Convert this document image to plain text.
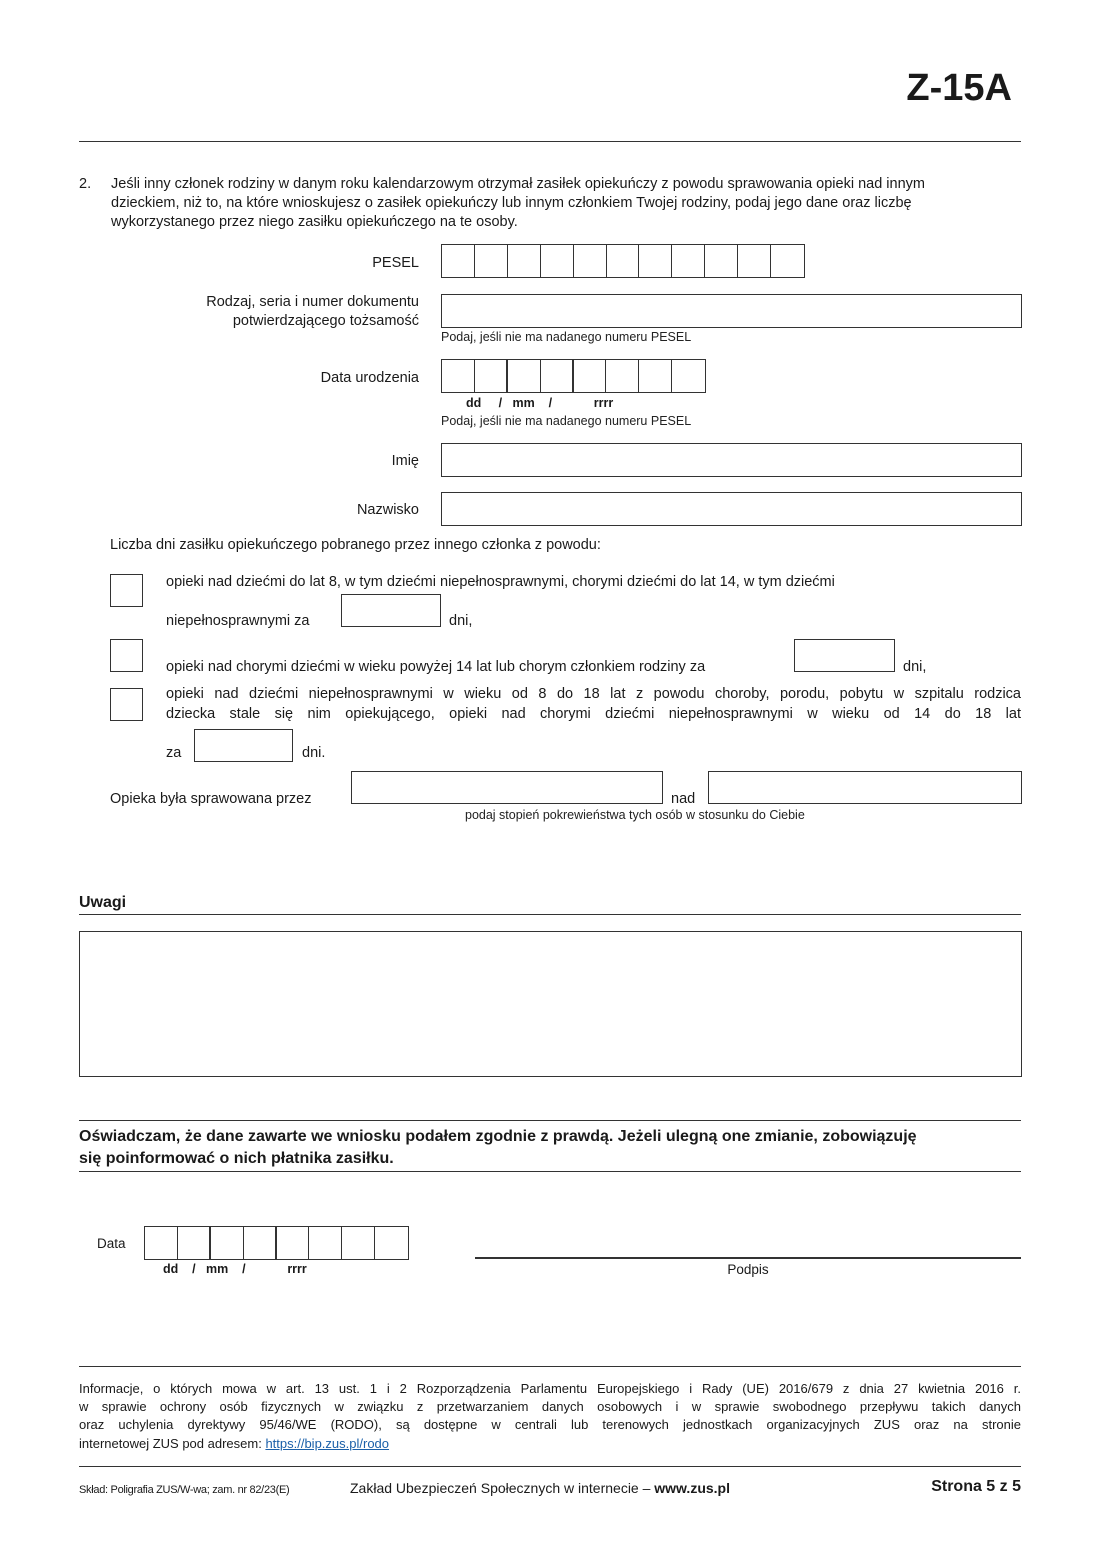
Z-15A
2. Jeśli inny członek rodziny w danym roku kalendarzowym otrzymał zasiłek opiekuńczy z powodu sprawowania opieki nad innym
dzieckiem, niż to, na które wnioskujesz o zasiłek opiekuńczy lub innym członkiem Twojej rodziny, podaj jego dane oraz liczbę
wykorzystanego przez niego zasiłku opiekuńczego na te osoby.
PESEL
Rodzaj, seria i numer dokumentu
potwierdzającego tożsamość
Podaj, jeśli nie ma nadanego numeru PESEL
Data urodzenia
dd     /   mm    /            rrrr
Podaj, jeśli nie ma nadanego numeru PESEL
Imię
Nazwisko
Liczba dni zasiłku opiekuńczego pobranego przez innego członka z powodu:
opieki nad dziećmi do lat 8, w tym dziećmi niepełnosprawnymi, chorymi dziećmi do lat 14, w tym dziećmi
niepełnosprawnymi za	dni,
opieki nad chorymi dziećmi w wieku powyżej 14 lat lub chorym członkiem rodziny za	dni,
opieki nad dziećmi niepełnosprawnymi w wieku od 8 do 18 lat z powodu choroby, porodu, pobytu w szpitalu rodzica
dziecka stale się nim opiekującego, opieki nad chorymi dziećmi niepełnosprawnymi w wieku od 14 do 18 lat
za	dni.
Opieka była sprawowana przez	nad
podaj stopień pokrewieństwa tych osób w stosunku do Ciebie
Uwagi
Oświadczam, że dane zawarte we wniosku podałem zgodnie z prawdą. Jeżeli ulegną one zmianie, zobowiązuję
się poinformować o nich płatnika zasiłku.
Data
dd    /   mm    /            rrrr	Podpis
Informacje, o których mowa w art. 13 ust. 1 i 2 Rozporządzenia Parlamentu Europejskiego i Rady (UE) 2016/679 z dnia 27 kwietnia 2016 r.
w sprawie ochrony osób fizycznych w związku z przetwarzaniem danych osobowych i w sprawie swobodnego przepływu takich danych
oraz uchylenia dyrektywy 95/46/WE (RODO), są dostępne w centrali lub terenowych jednostkach organizacyjnych ZUS oraz na stronie
internetowej ZUS pod adresem: https://bip.zus.pl/rodo
Skład: Poligrafia ZUS/W-wa; zam. nr 82/23(E)	Zakład Ubezpieczeń Społecznych w internecie – www.zus.pl	Strona 5 z 5
